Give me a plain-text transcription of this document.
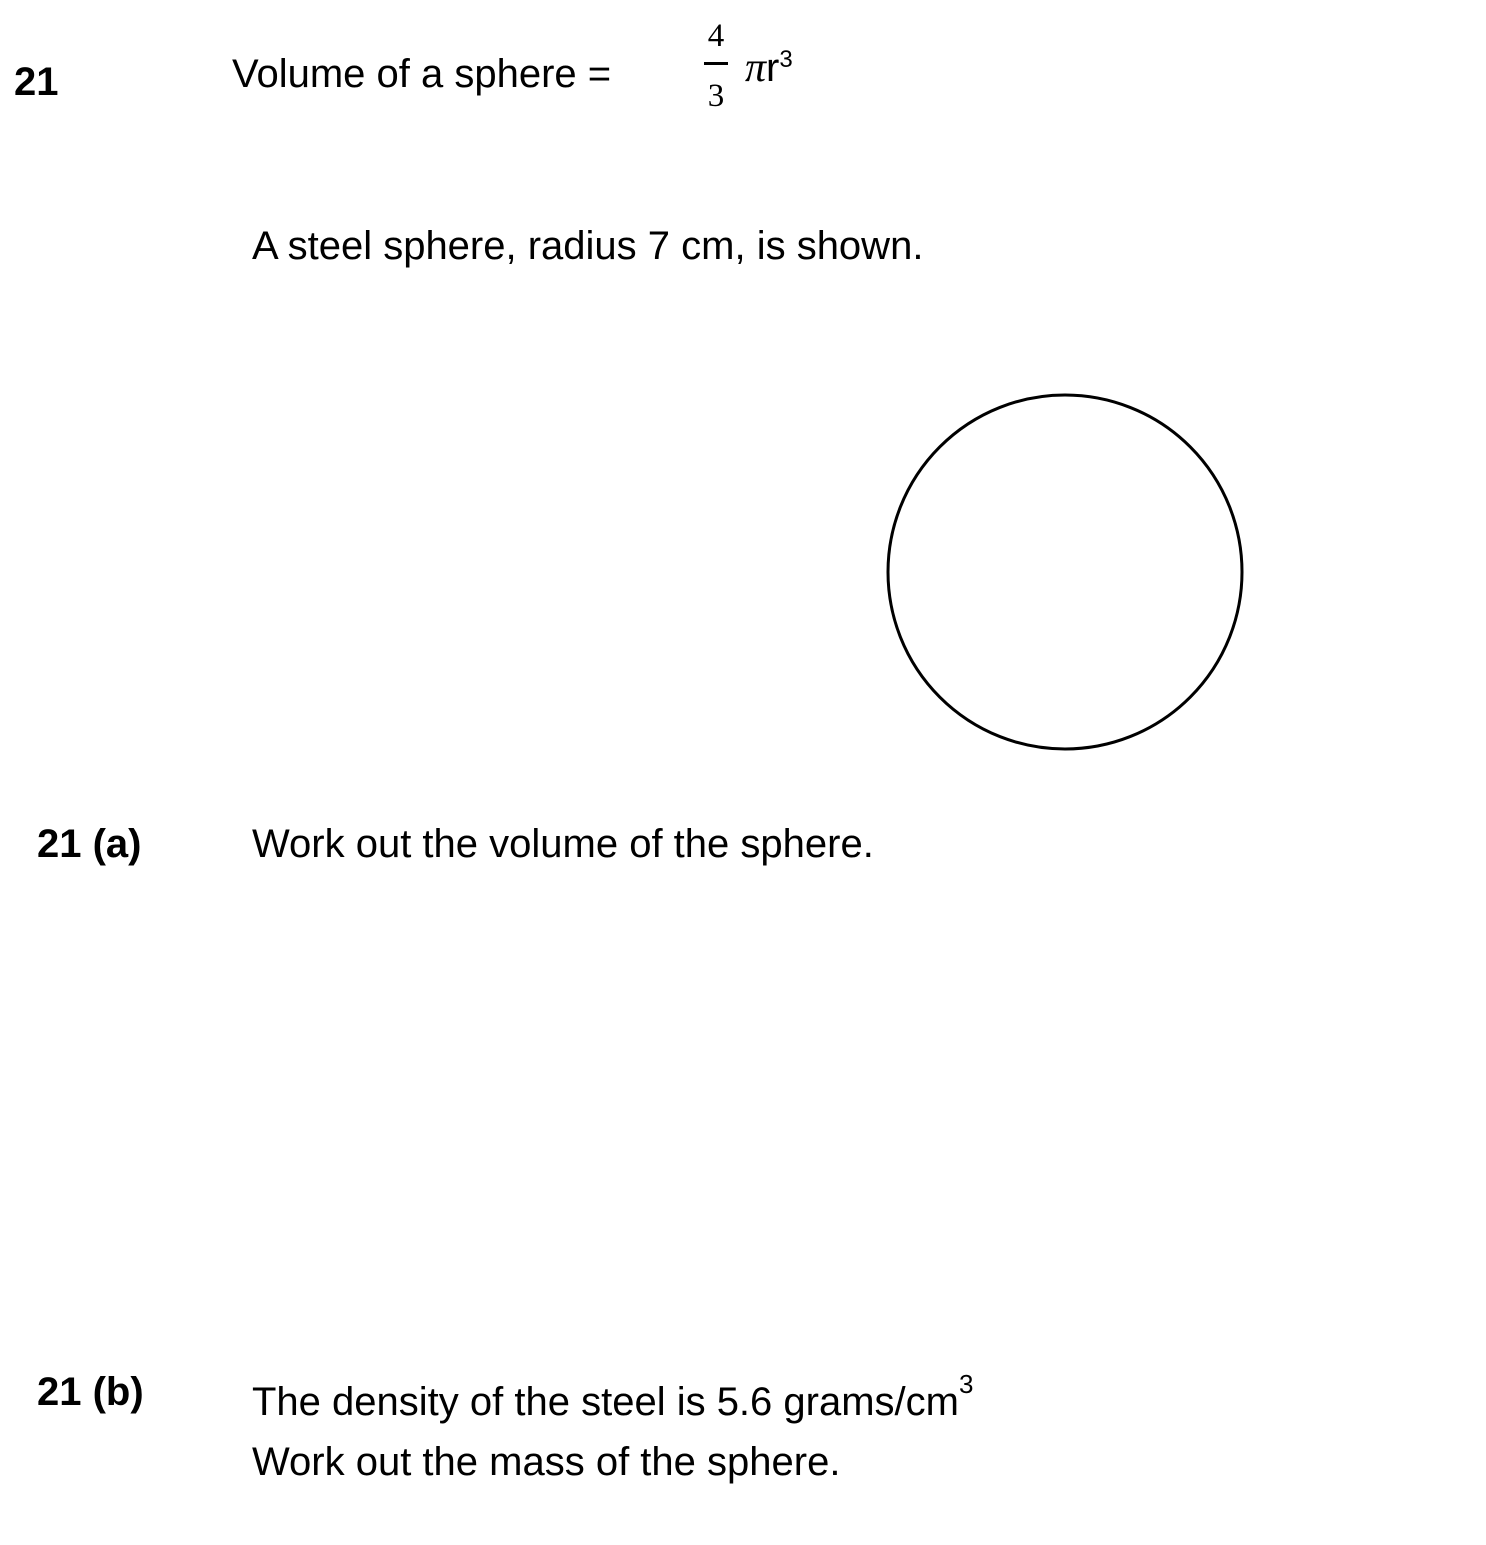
21	Volume of a sphere =
4
3
πr3
A steel sphere, radius 7 cm, is shown.
21 (a)	Work out the volume of the sphere.
21 (b)	The density of the steel is 5.6 grams/$cm^3$
Work out the mass of the sphere.
